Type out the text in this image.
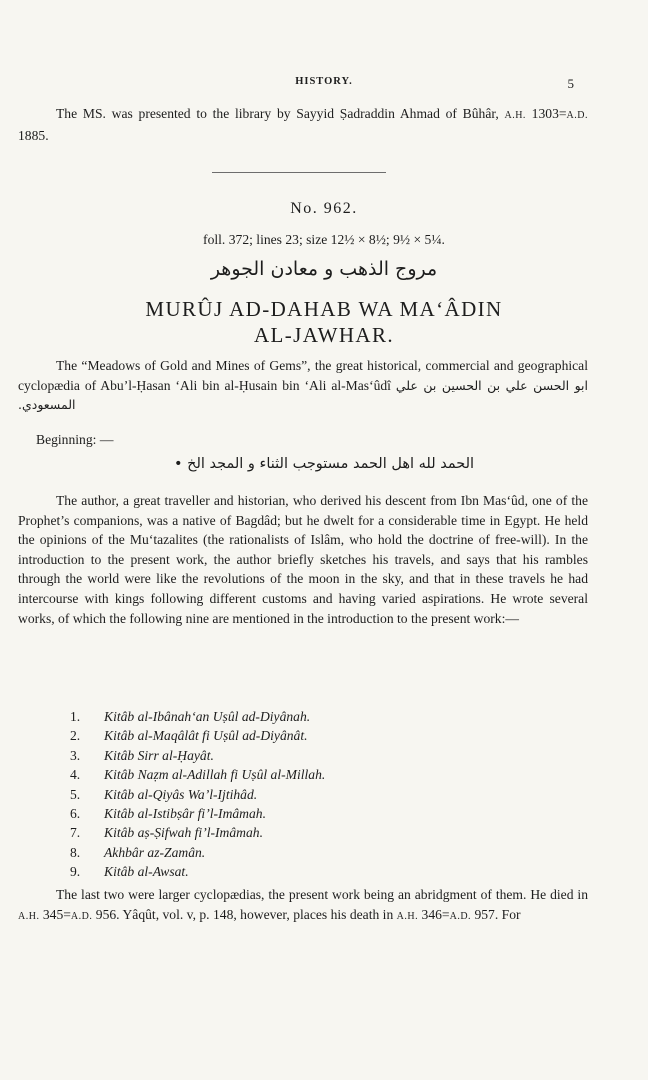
HISTORY.	5

The MS. was presented to the library by Sayyid Ṣadraddin Ahmad of Bûhâr, A.H. 1303=A.D. 1885.

No. 962.
foll. 372; lines 23; size 12½ × 8½; 9½ × 5¼.
مروج الذهب و معادن الجوهر
MURÛJ AD-DAHAB WA MA‘ÂDIN
AL-JAWHAR.

The “Meadows of Gold and Mines of Gems”, the great historical, commercial and geographical cyclopædia of Abu’l-Ḥasan ‘Ali bin al-Ḥusain bin ‘Ali al-Mas‘ûdî ابو الحسن علي بن الحسين بن علي المسعودي.

Beginning: —
الحمد لله اهل الحمد مستوجب الثناء و المجد الخ •

The author, a great traveller and historian, who derived his descent from Ibn Mas‘ûd, one of the Prophet’s companions, was a native of Bagdâd; but he dwelt for a considerable time in Egypt. He held the opinions of the Mu‘tazalites (the rationalists of Islâm, who hold the doctrine of free-will). In the introduction to the present work, the author briefly sketches his travels, and says that his rambles through the world were like the revolutions of the moon in the sky, and that in these travels he had intercourse with kings following different customs and having varied aspirations. He wrote several works, of which the following nine are mentioned in the introduction to the present work:—

1. Kitâb al-Ibânah‘an Uṣûl ad-Diyânah.
2. Kitâb al-Maqâlât fi Uṣûl ad-Diyânât.
3. Kitâb Sirr al-Ḥayât.
4. Kitâb Naẓm al-Adillah fi Uṣûl al-Millah.
5. Kitâb al-Qiyâs Wa’l-Ijtihâd.
6. Kitâb al-Istibṣâr fi’l-Imâmah.
7. Kitâb aṣ-Ṣifwah fi’l-Imâmah.
8. Akhbâr az-Zamân.
9. Kitâb al-Awsat.

The last two were larger cyclopædias, the present work being an abridgment of them. He died in A.H. 345=A.D. 956. Yâqût, vol. v, p. 148, however, places his death in A.H. 346=A.D. 957. For
